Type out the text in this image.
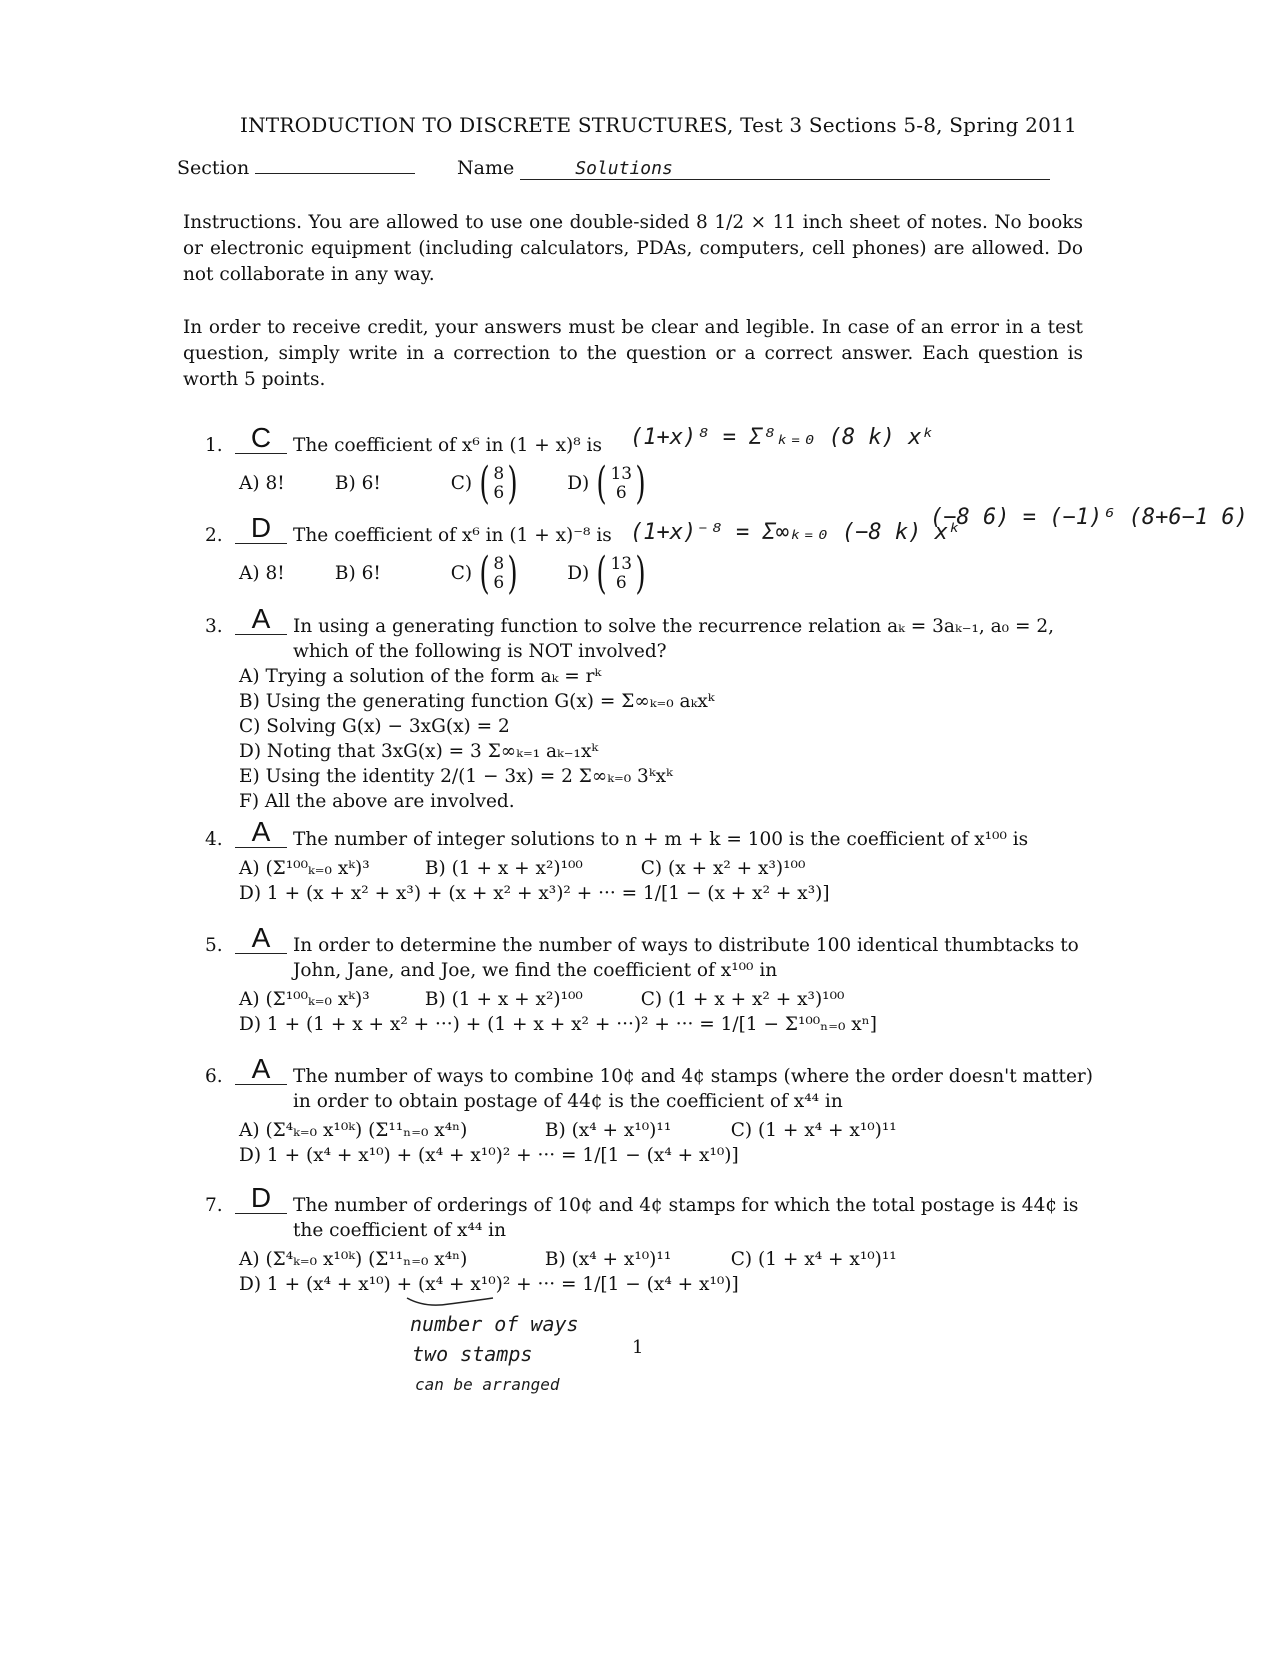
INTRODUCTION TO DISCRETE STRUCTURES, Test 3 Sections 5-8, Spring 2011
Section	Name	Solutions
Instructions. You are allowed to use one double-sided 8 1/2 × 11 inch sheet of notes. No books or electronic equipment (including calculators, PDAs, computers, cell phones) are allowed. Do not collaborate in any way.
In order to receive credit, your answers must be clear and legible. In case of an error in a test question, simply write in a correction to the question or a correct answer. Each question is worth 5 points.
1.	C	The coefficient of x⁶ in (1 + x)⁸ is
A) 8!	B) 6!	C) ( 8
6 )	D) ( 13
6 )
(1+x)⁸ = Σ⁸ₖ₌₀ (8 k) xᵏ
2.	D	The coefficient of x⁶ in (1 + x)⁻⁸ is
A) 8!	B) 6!	C) ( 8
6 )	D) ( 13
6 )
(1+x)⁻⁸ = Σ∞ₖ₌₀ (−8 k) xᵏ
(−8 6) = (−1)⁶ (8+6−1 6)
3.	A	In using a generating function to solve the recurrence relation aₖ = 3aₖ₋₁, a₀ = 2, which of the following is NOT involved?
A) Trying a solution of the form aₖ = rᵏ
B) Using the generating function G(x) = Σ∞ₖ₌₀ aₖxᵏ
C) Solving G(x) − 3xG(x) = 2
D) Noting that 3xG(x) = 3 Σ∞ₖ₌₁ aₖ₋₁xᵏ
E) Using the identity 2/(1 − 3x) = 2 Σ∞ₖ₌₀ 3ᵏxᵏ
F) All the above are involved.
4.	A	The number of integer solutions to n + m + k = 100 is the coefficient of x¹⁰⁰ is
A) (Σ¹⁰⁰ₖ₌₀ xᵏ)³	B) (1 + x + x²)¹⁰⁰	C) (x + x² + x³)¹⁰⁰
D) 1 + (x + x² + x³) + (x + x² + x³)² + ··· = 1/[1 − (x + x² + x³)]
5.	A	In order to determine the number of ways to distribute 100 identical thumbtacks to John, Jane, and Joe, we find the coefficient of x¹⁰⁰ in
A) (Σ¹⁰⁰ₖ₌₀ xᵏ)³	B) (1 + x + x²)¹⁰⁰	C) (1 + x + x² + x³)¹⁰⁰
D) 1 + (1 + x + x² + ···) + (1 + x + x² + ···)² + ··· = 1/[1 − Σ¹⁰⁰ₙ₌₀ xⁿ]
6.	A	The number of ways to combine 10¢ and 4¢ stamps (where the order doesn't matter) in order to obtain postage of 44¢ is the coefficient of x⁴⁴ in
A) (Σ⁴ₖ₌₀ x¹⁰ᵏ) (Σ¹¹ₙ₌₀ x⁴ⁿ)	B) (x⁴ + x¹⁰)¹¹	C) (1 + x⁴ + x¹⁰)¹¹
D) 1 + (x⁴ + x¹⁰) + (x⁴ + x¹⁰)² + ··· = 1/[1 − (x⁴ + x¹⁰)]
7.	D	The number of orderings of 10¢ and 4¢ stamps for which the total postage is 44¢ is the coefficient of x⁴⁴ in
A) (Σ⁴ₖ₌₀ x¹⁰ᵏ) (Σ¹¹ₙ₌₀ x⁴ⁿ)	B) (x⁴ + x¹⁰)¹¹	C) (1 + x⁴ + x¹⁰)¹¹
D) 1 + (x⁴ + x¹⁰) + (x⁴ + x¹⁰)² + ··· = 1/[1 − (x⁴ + x¹⁰)]
number of ways
two stamps
can be arranged
1
